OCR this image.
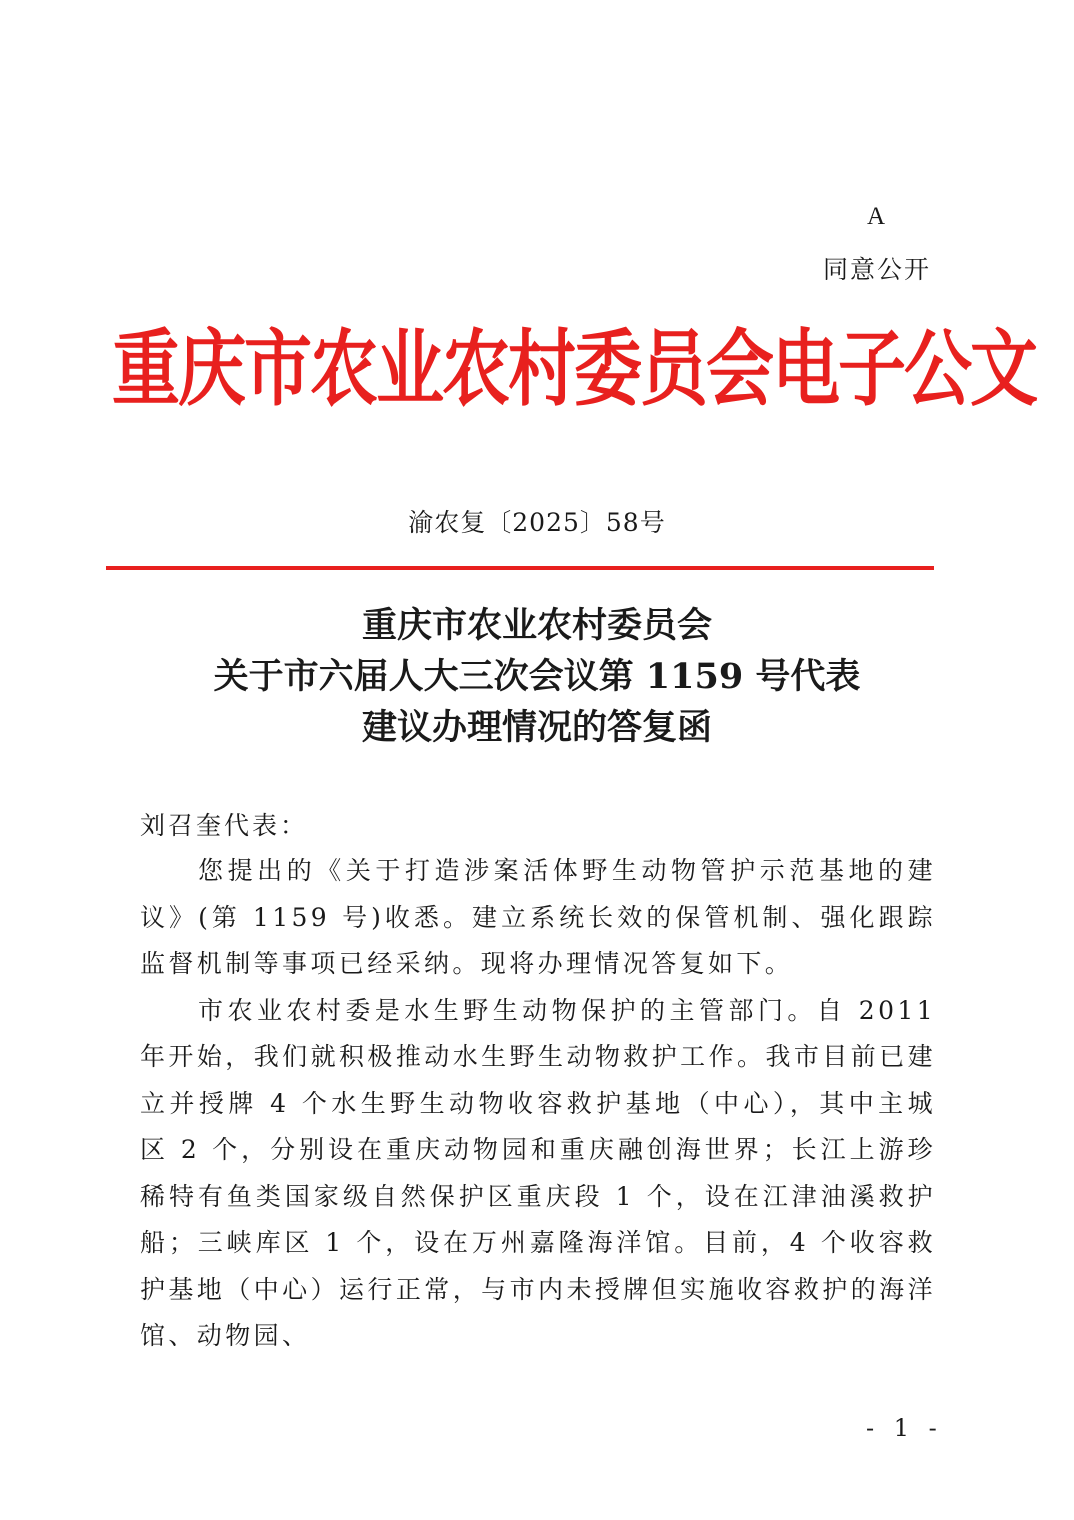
A
同意公开
重庆市农业农村委员会电子公文
渝农复〔2025〕58号
重庆市农业农村委员会
关于市六届人大三次会议第 1159 号代表
建议办理情况的答复函
刘召奎代表：

您提出的《关于打造涉案活体野生动物管护示范基地的建议》(第 1159 号)收悉。建立系统长效的保管机制、强化跟踪监督机制等事项已经采纳。现将办理情况答复如下。

市农业农村委是水生野生动物保护的主管部门。自 2011 年开始，我们就积极推动水生野生动物救护工作。我市目前已建立并授牌 4 个水生野生动物收容救护基地（中心），其中主城区 2 个，分别设在重庆动物园和重庆融创海世界；长江上游珍稀特有鱼类国家级自然保护区重庆段 1 个，设在江津油溪救护船；三峡库区 1 个，设在万州嘉隆海洋馆。目前，4 个收容救护基地（中心）运行正常，与市内未授牌但实施收容救护的海洋馆、动物园、

- 1 -
